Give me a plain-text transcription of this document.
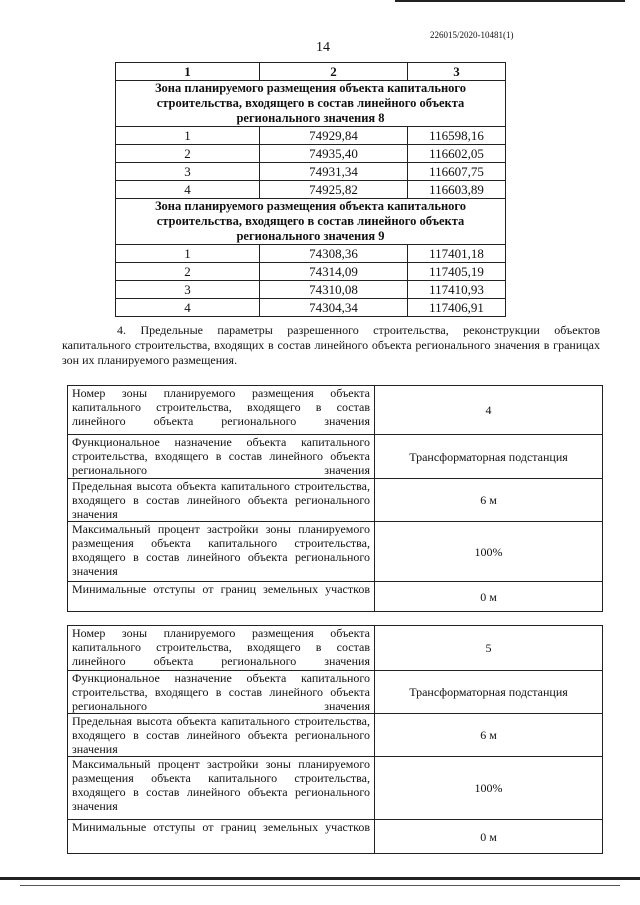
226015/2020-10481(1)
14
1	2	3
Зона планируемого размещения объекта капитального строительства, входящего в состав линейного объекта регионального значения 8		
1	74929,84	116598,16
2	74935,40	116602,05
3	74931,34	116607,75
4	74925,82	116603,89
Зона планируемого размещения объекта капитального строительства, входящего в состав линейного объекта регионального значения 9		
1	74308,36	117401,18
2	74314,09	117405,19
3	74310,08	117410,93
4	74304,34	117406,91
4. Предельные параметры разрешенного строительства, реконструкции объектов капитального строительства, входящих в состав линейного объекта регионального значения в границах зон их планируемого размещения.
Номер зоны планируемого размещения объекта капитального строительства, входящего в состав линейного объекта регионального значения	4

Функциональное назначение объекта капитального строительства, входящего в состав линейного объекта регионального значения	Трансформаторная подстанция

Предельная высота объекта капитального строительства, входящего в состав линейного объекта регионального значения	6 м

Максимальный процент застройки зоны планируемого размещения объекта капитального строительства, входящего в состав линейного объекта регионального значения	100%

Минимальные отступы от границ земельных участков	0 м
Номер зоны планируемого размещения объекта капитального строительства, входящего в состав линейного объекта регионального значения	5

Функциональное назначение объекта капитального строительства, входящего в состав линейного объекта регионального значения	Трансформаторная подстанция

Предельная высота объекта капитального строительства, входящего в состав линейного объекта регионального значения	6 м

Максимальный процент застройки зоны планируемого размещения объекта капитального строительства, входящего в состав линейного объекта регионального значения	100%

Минимальные отступы от границ земельных участков	0 м
